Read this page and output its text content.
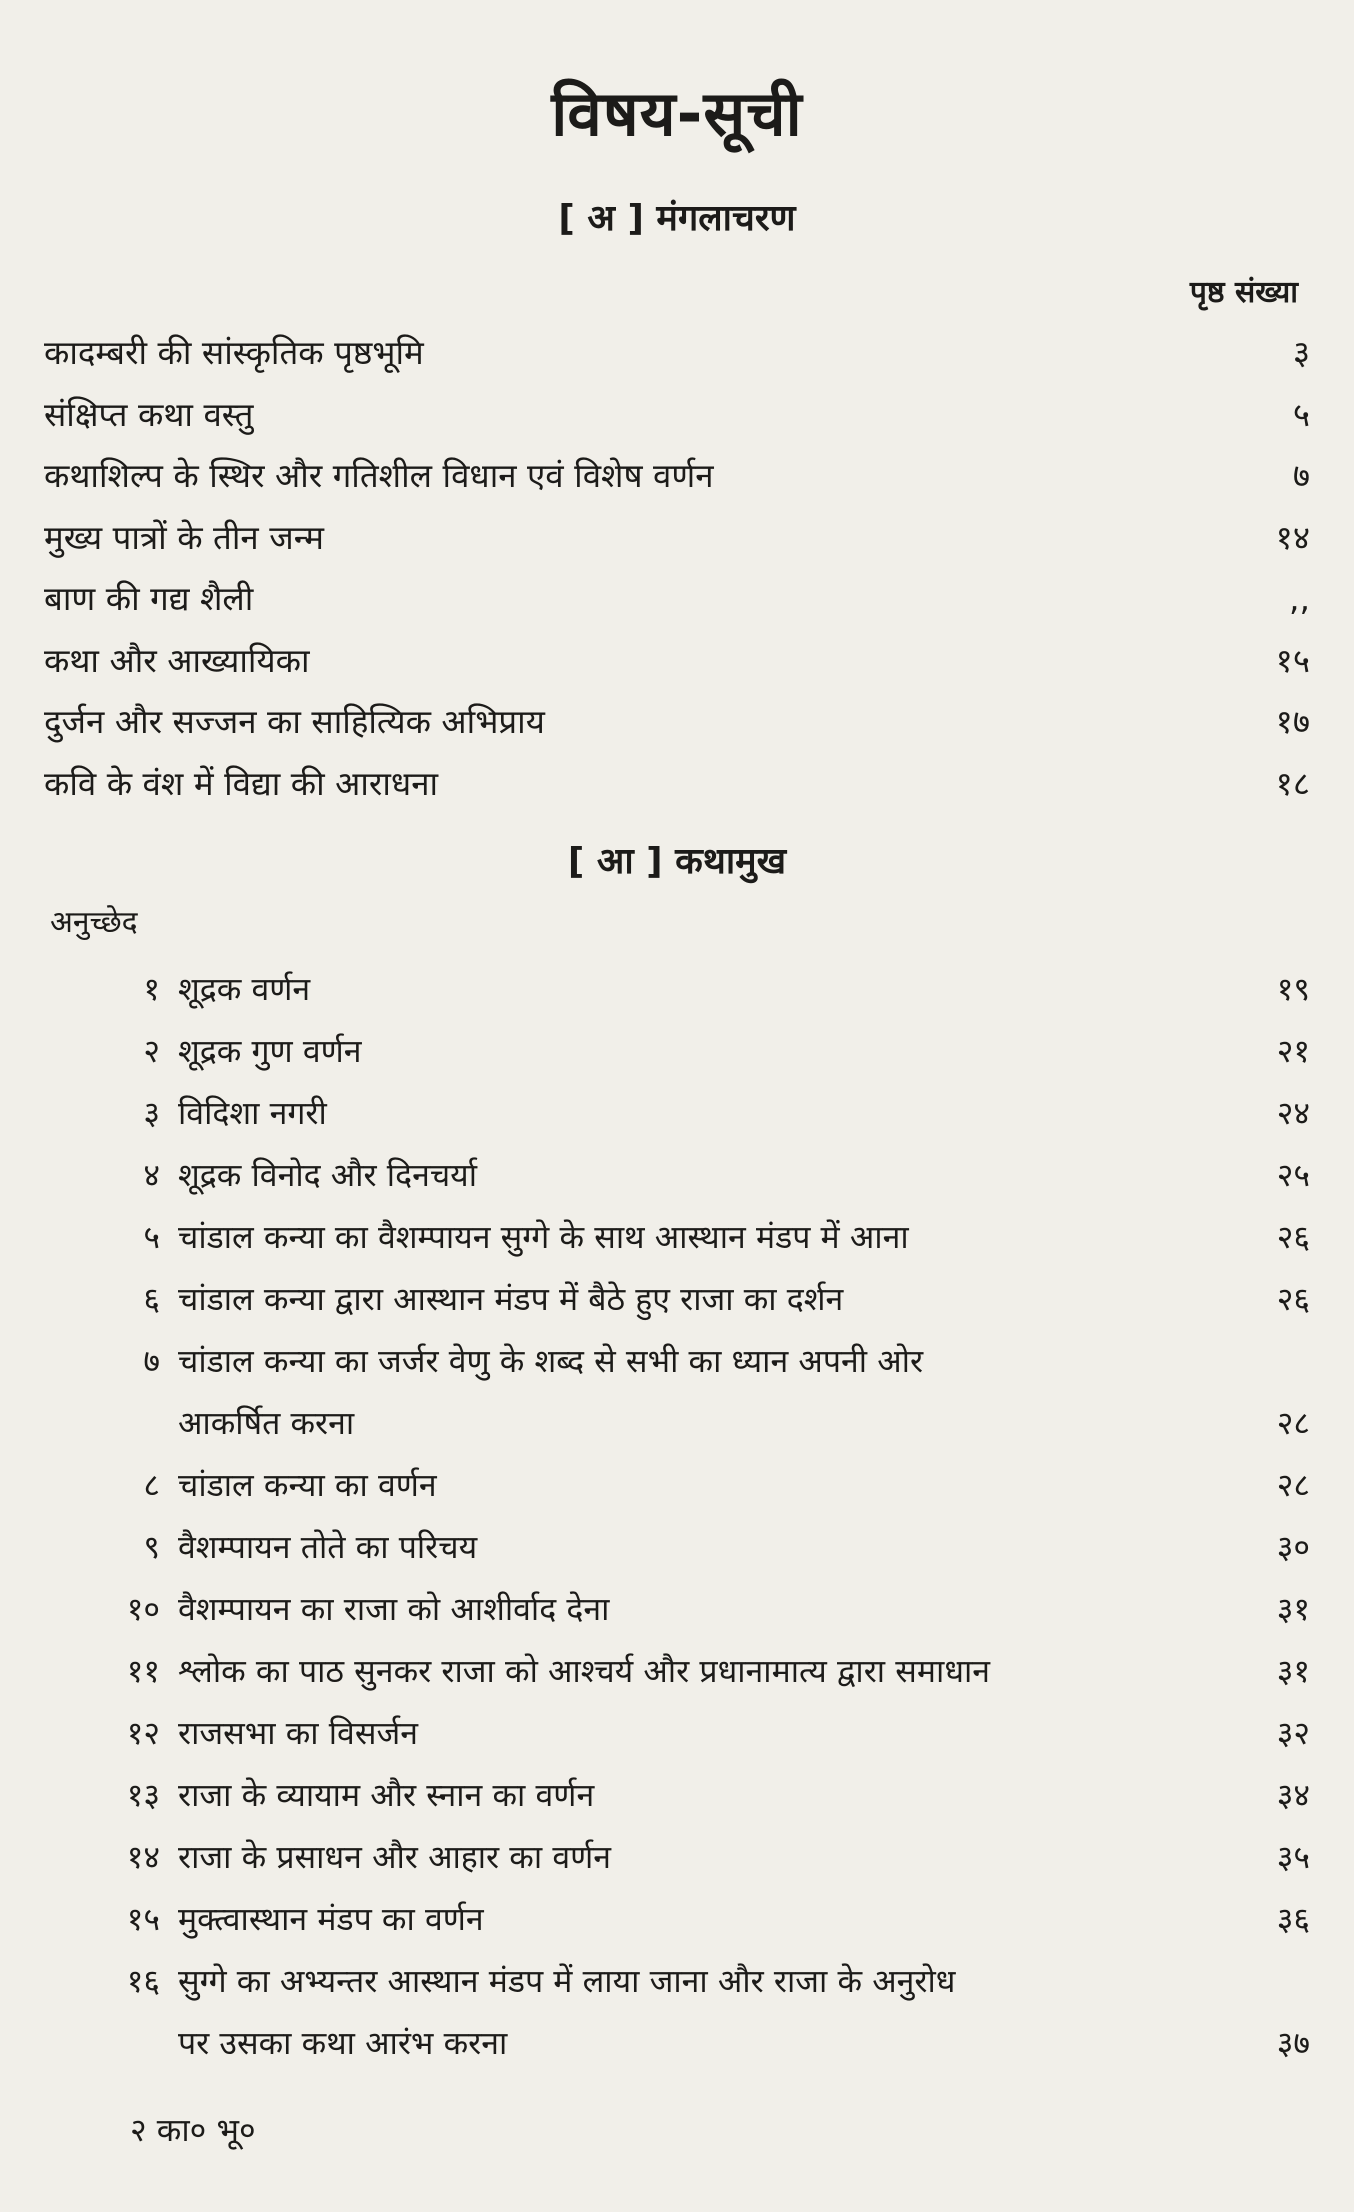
विषय-सूची
[ अ ] मंगलाचरण
पृष्ठ संख्या
कादम्बरी की सांस्कृतिक पृष्ठभूमि	३
संक्षिप्त कथा वस्तु	५
कथाशिल्प के स्थिर और गतिशील विधान एवं विशेष वर्णन	७
मुख्य पात्रों के तीन जन्म	१४
बाण की गद्य शैली	,,
कथा और आख्यायिका	१५
दुर्जन और सज्जन का साहित्यिक अभिप्राय	१७
कवि के वंश में विद्या की आराधना	१८
[ आ ] कथामुख
अनुच्छेद
१ शूद्रक वर्णन	१९
२ शूद्रक गुण वर्णन	२१
३ विदिशा नगरी	२४
४ शूद्रक विनोद और दिनचर्या	२५
५ चांडाल कन्या का वैशम्पायन सुग्गे के साथ आस्थान मंडप में आना	२६
६ चांडाल कन्या द्वारा आस्थान मंडप में बैठे हुए राजा का दर्शन	२६
७ चांडाल कन्या का जर्जर वेणु के शब्द से सभी का ध्यान अपनी ओर
आकर्षित करना	२८
८ चांडाल कन्या का वर्णन	२८
९ वैशम्पायन तोते का परिचय	३०
१० वैशम्पायन का राजा को आशीर्वाद देना	३१
११ श्लोक का पाठ सुनकर राजा को आश्चर्य और प्रधानामात्य द्वारा समाधान	३१
१२ राजसभा का विसर्जन	३२
१३ राजा के व्यायाम और स्नान का वर्णन	३४
१४ राजा के प्रसाधन और आहार का वर्णन	३५
१५ मुक्त्वास्थान मंडप का वर्णन	३६
१६ सुग्गे का अभ्यन्तर आस्थान मंडप में लाया जाना और राजा के अनुरोध
पर उसका कथा आरंभ करना	३७
२ का० भू०
